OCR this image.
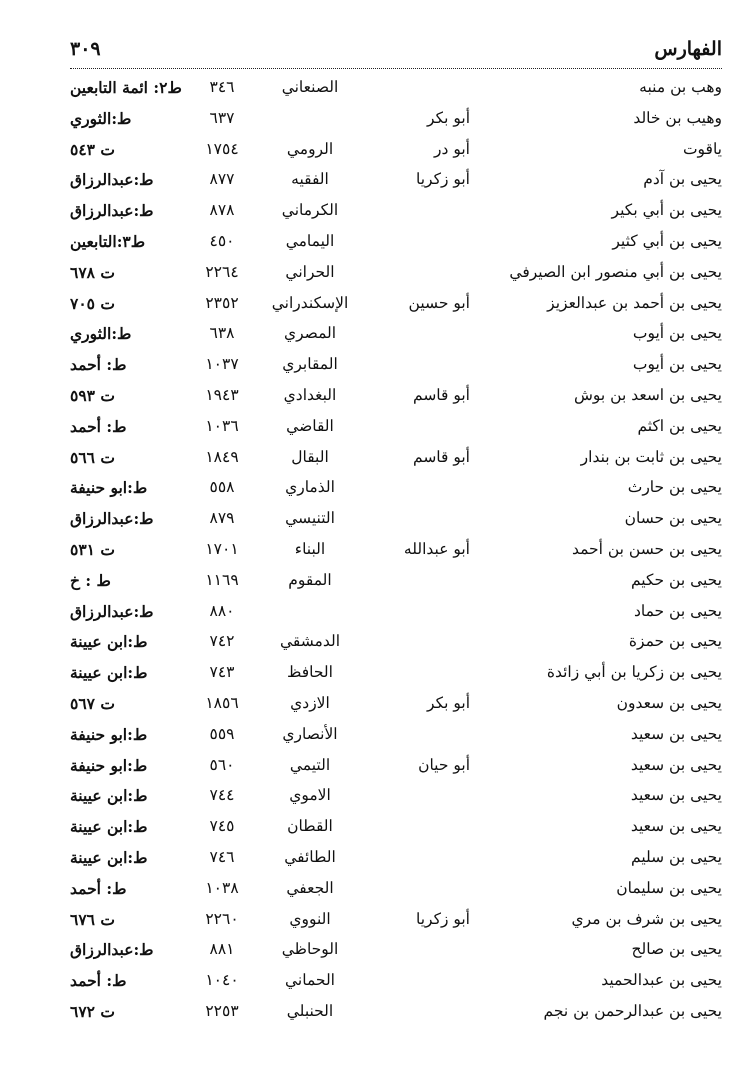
الفهارس
٣٠٩
وهب بن منبه
الصنعاني
٣٤٦
ط٢: ائمة التابعين
وهيب بن خالد
أبو بكر
٦٣٧
ط:الثوري
ياقوت
أبو در
الرومي
١٧٥٤
ت ٥٤٣
يحيى بن آدم
أبو زكريا
الفقيه
٨٧٧
ط:عبدالرزاق
يحيى بن أبي بكير
الكرماني
٨٧٨
ط:عبدالرزاق
يحيى بن أبي كثير
اليمامي
٤٥٠
ط٣:التابعين
يحيى بن أبي منصور ابن الصيرفي
الحراني
٢٢٦٤
ت ٦٧٨
يحيى بن أحمد بن عبدالعزيز
أبو حسين
الإسكندراني
٢٣٥٢
ت ٧٠٥
يحيى بن أيوب
المصري
٦٣٨
ط:الثوري
يحيى بن أيوب
المقابري
١٠٣٧
ط: أحمد
يحيى بن اسعد بن بوش
أبو قاسم
البغدادي
١٩٤٣
ت ٥٩٣
يحيى بن اكثم
القاضي
١٠٣٦
ط: أحمد
يحيى بن ثابت بن بندار
أبو قاسم
البقال
١٨٤٩
ت ٥٦٦
يحيى بن حارث
الذماري
٥٥٨
ط:ابو حنيفة
يحيى بن حسان
التنيسي
٨٧٩
ط:عبدالرزاق
يحيى بن حسن بن أحمد
أبو عبدالله
البناء
١٧٠١
ت ٥٣١
يحيى بن حكيم
المقوم
١١٦٩
ط : خ
يحيى بن حماد
٨٨٠
ط:عبدالرزاق
يحيى بن حمزة
الدمشقي
٧٤٢
ط:ابن عيينة
يحيى بن زكريا بن أبي زائدة
الحافظ
٧٤٣
ط:ابن عيينة
يحيى بن سعدون
أبو بكر
الازدي
١٨٥٦
ت ٥٦٧
يحيى بن سعيد
الأنصاري
٥٥٩
ط:ابو حنيفة
يحيى بن سعيد
أبو حيان
التيمي
٥٦٠
ط:ابو حنيفة
يحيى بن سعيد
الاموي
٧٤٤
ط:ابن عيينة
يحيى بن سعيد
القطان
٧٤٥
ط:ابن عيينة
يحيى بن سليم
الطائفي
٧٤٦
ط:ابن عيينة
يحيى بن سليمان
الجعفي
١٠٣٨
ط: أحمد
يحيى بن شرف بن مري
أبو زكريا
النووي
٢٢٦٠
ت ٦٧٦
يحيى بن صالح
الوحاظي
٨٨١
ط:عبدالرزاق
يحيى بن عبدالحميد
الحماني
١٠٤٠
ط: أحمد
يحيى بن عبدالرحمن بن نجم
الحنبلي
٢٢٥٣
ت ٦٧٢
